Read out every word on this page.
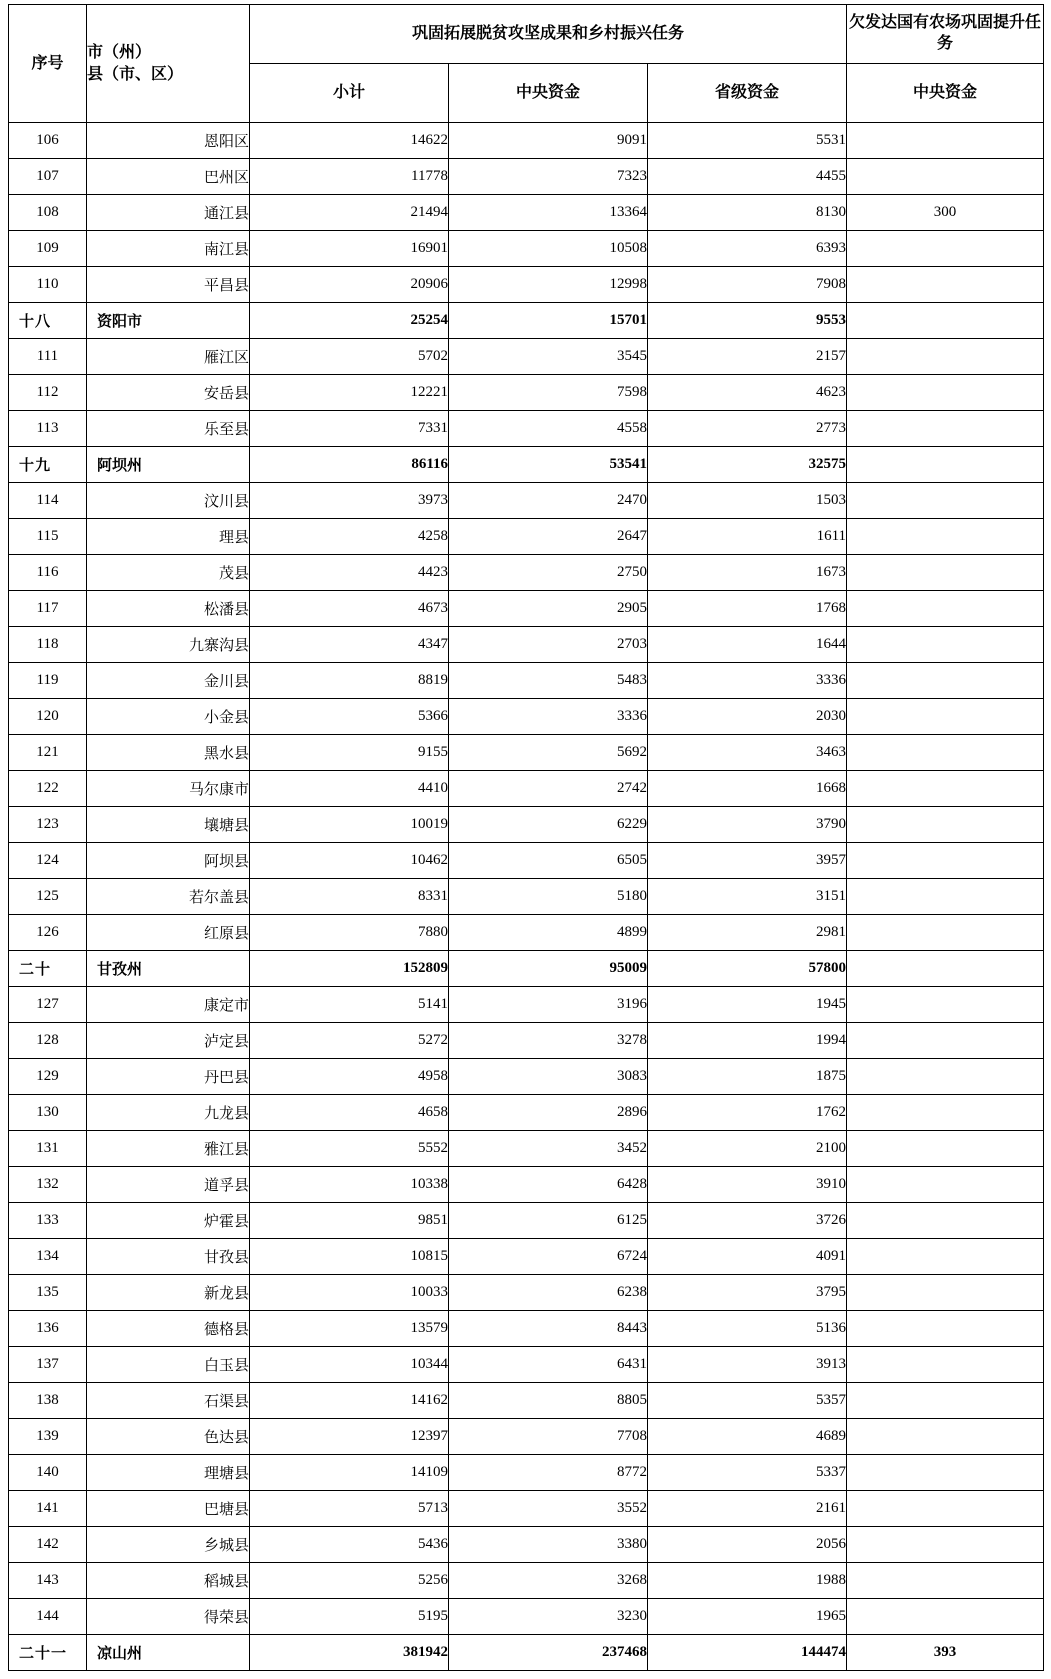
序号	市（州）
县（市、区）	巩固拓展脱贫攻坚成果和乡村振兴任务			欠发达国有农场巩固提升任务
		小计	中央资金	省级资金	中央资金
106	恩阳区	14622	9091	5531	
107	巴州区	11778	7323	4455	
108	通江县	21494	13364	8130	300
109	南江县	16901	10508	6393	
110	平昌县	20906	12998	7908	
十八	资阳市	25254	15701	9553	
111	雁江区	5702	3545	2157	
112	安岳县	12221	7598	4623	
113	乐至县	7331	4558	2773	
十九	阿坝州	86116	53541	32575	
114	汶川县	3973	2470	1503	
115	理县	4258	2647	1611	
116	茂县	4423	2750	1673	
117	松潘县	4673	2905	1768	
118	九寨沟县	4347	2703	1644	
119	金川县	8819	5483	3336	
120	小金县	5366	3336	2030	
121	黑水县	9155	5692	3463	
122	马尔康市	4410	2742	1668	
123	壤塘县	10019	6229	3790	
124	阿坝县	10462	6505	3957	
125	若尔盖县	8331	5180	3151	
126	红原县	7880	4899	2981	
二十	甘孜州	152809	95009	57800	
127	康定市	5141	3196	1945	
128	泸定县	5272	3278	1994	
129	丹巴县	4958	3083	1875	
130	九龙县	4658	2896	1762	
131	雅江县	5552	3452	2100	
132	道孚县	10338	6428	3910	
133	炉霍县	9851	6125	3726	
134	甘孜县	10815	6724	4091	
135	新龙县	10033	6238	3795	
136	德格县	13579	8443	5136	
137	白玉县	10344	6431	3913	
138	石渠县	14162	8805	5357	
139	色达县	12397	7708	4689	
140	理塘县	14109	8772	5337	
141	巴塘县	5713	3552	2161	
142	乡城县	5436	3380	2056	
143	稻城县	5256	3268	1988	
144	得荣县	5195	3230	1965	
二十一	凉山州	381942	237468	144474	393
